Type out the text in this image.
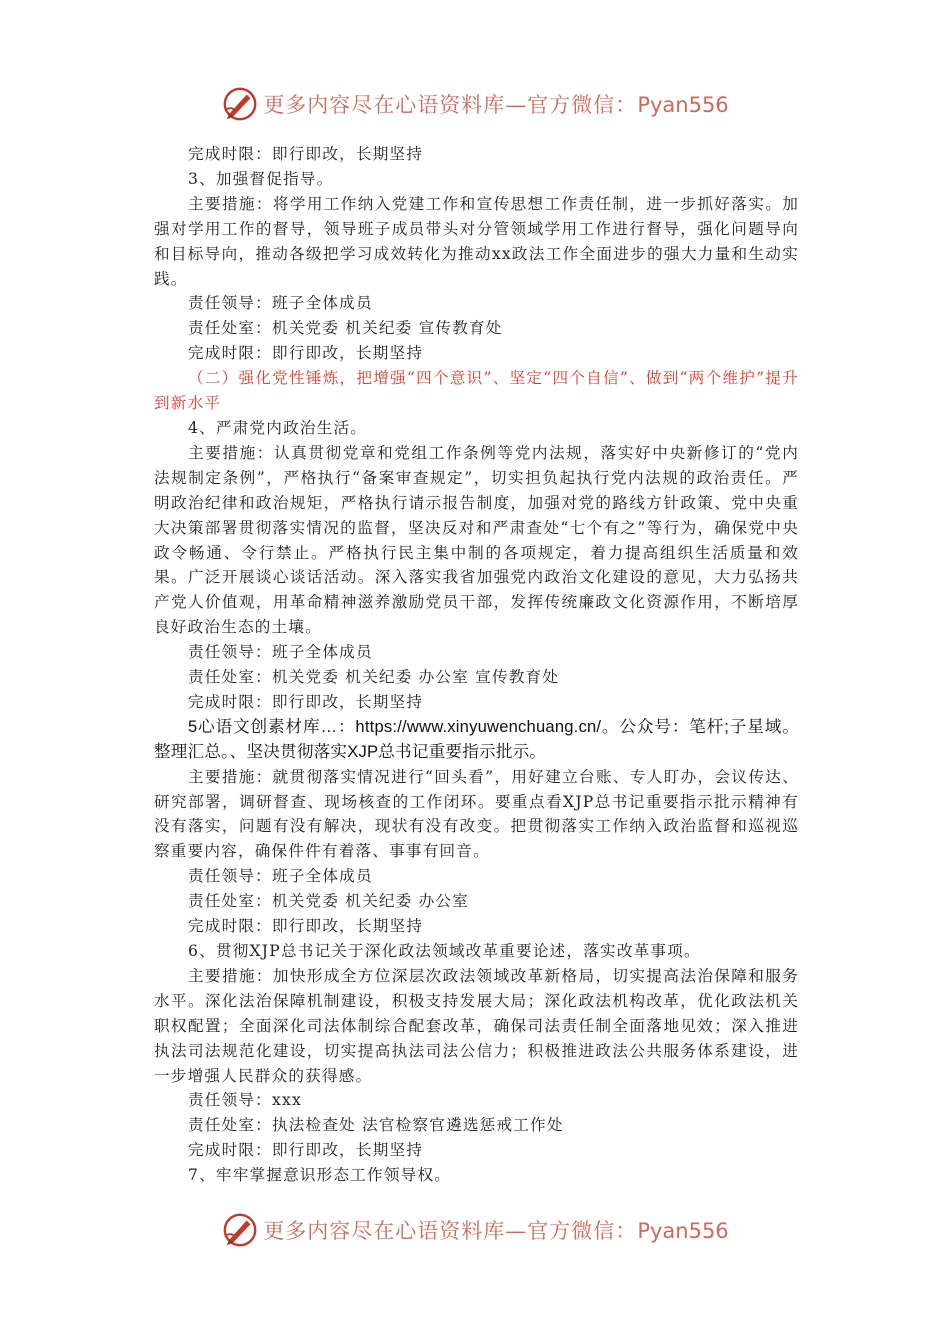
更多内容尽在心语资料库—官方微信：Pyan556

完成时限：即行即改，长期坚持

3、加强督促指导。

主要措施：将学用工作纳入党建工作和宣传思想工作责任制，进一步抓好落实。加强对学用工作的督导，领导班子成员带头对分管领域学用工作进行督导，强化问题导向和目标导向，推动各级把学习成效转化为推动xx政法工作全面进步的强大力量和生动实践。

责任领导：班子全体成员

责任处室：机关党委 机关纪委 宣传教育处

完成时限：即行即改，长期坚持

（二）强化党性锤炼，把增强“四个意识”、坚定“四个自信”、做到“两个维护”提升到新水平

4、严肃党内政治生活。

主要措施：认真贯彻党章和党组工作条例等党内法规，落实好中央新修订的“党内法规制定条例”，严格执行“备案审查规定”，切实担负起执行党内法规的政治责任。严明政治纪律和政治规矩，严格执行请示报告制度，加强对党的路线方针政策、党中央重大决策部署贯彻落实情况的监督，坚决反对和严肃查处“七个有之”等行为，确保党中央政令畅通、令行禁止。严格执行民主集中制的各项规定，着力提高组织生活质量和效果。广泛开展谈心谈话活动。深入落实我省加强党内政治文化建设的意见，大力弘扬共产党人价值观，用革命精神滋养激励党员干部，发挥传统廉政文化资源作用，不断培厚良好政治生态的土壤。

责任领导：班子全体成员

责任处室：机关党委 机关纪委 办公室 宣传教育处

完成时限：即行即改，长期坚持

5心语文创素材库…：https://www.xinyuwenchuang.cn/。公众号：笔杆;子星域。整理汇总。、坚决贯彻落实XJP总书记重要指示批示。

主要措施：就贯彻落实情况进行“回头看”，用好建立台账、专人盯办，会议传达、研究部署，调研督查、现场核查的工作闭环。要重点看XJP总书记重要指示批示精神有没有落实，问题有没有解决，现状有没有改变。把贯彻落实工作纳入政治监督和巡视巡察重要内容，确保件件有着落、事事有回音。

责任领导：班子全体成员

责任处室：机关党委 机关纪委 办公室

完成时限：即行即改，长期坚持

6、贯彻XJP总书记关于深化政法领域改革重要论述，落实改革事项。

主要措施：加快形成全方位深层次政法领域改革新格局，切实提高法治保障和服务水平。深化法治保障机制建设，积极支持发展大局；深化政法机构改革，优化政法机关职权配置；全面深化司法体制综合配套改革，确保司法责任制全面落地见效；深入推进执法司法规范化建设，切实提高执法司法公信力；积极推进政法公共服务体系建设，进一步增强人民群众的获得感。

责任领导：xxx

责任处室：执法检查处 法官检察官遴选惩戒工作处

完成时限：即行即改，长期坚持

7、牢牢掌握意识形态工作领导权。

更多内容尽在心语资料库—官方微信：Pyan556
